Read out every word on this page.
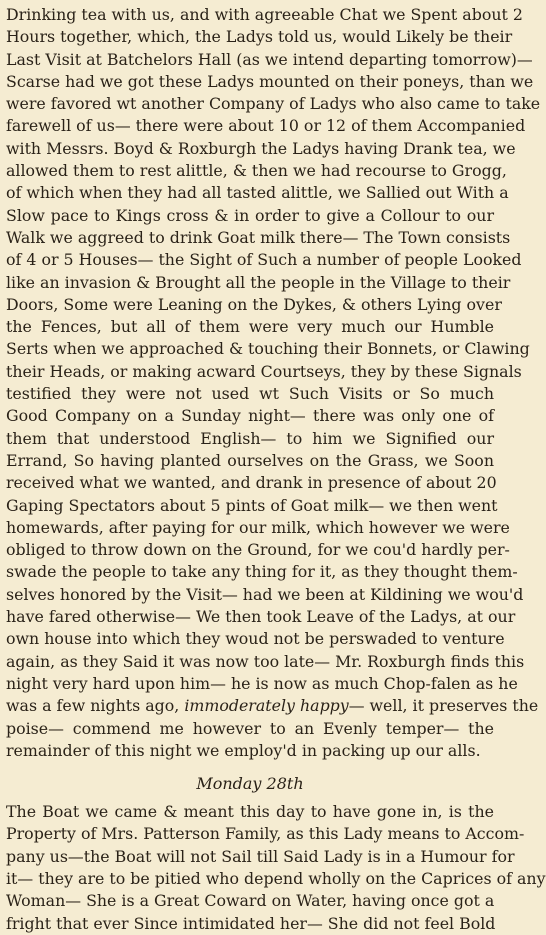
Drinking tea with us, and with agreeable Chat we Spent about 2
Hours together, which, the Ladys told us, would Likely be their
Last Visit at Batchelors Hall (as we intend departing tomorrow)—
Scarse had we got these Ladys mounted on their poneys, than we
were favored wt another Company of Ladys who also came to take
farewell of us— there were about 10 or 12 of them Accompanied
with Messrs. Boyd & Roxburgh the Ladys having Drank tea, we
allowed them to rest alittle, & then we had recourse to Grogg,
of which when they had all tasted alittle, we Sallied out With a
Slow pace to Kings cross & in order to give a Collour to our
Walk we aggreed to drink Goat milk there— The Town consists
of 4 or 5 Houses— the Sight of Such a number of people Looked
like an invasion & Brought all the people in the Village to their
Doors, Some were Leaning on the Dykes, & others Lying over
the Fences, but all of them were very much our Humble
Serts when we approached & touching their Bonnets, or Clawing
their Heads, or making acward Courtseys, they by these Signals
testified they were not used wt Such Visits or So much
Good Company on a Sunday night— there was only one of
them that understood English— to him we Signified our
Errand, So having planted ourselves on the Grass, we Soon
received what we wanted, and drank in presence of about 20
Gaping Spectators about 5 pints of Goat milk— we then went
homewards, after paying for our milk, which however we were
obliged to throw down on the Ground, for we cou'd hardly per-
swade the people to take any thing for it, as they thought them-
selves honored by the Visit— had we been at Kildining we wou'd
have fared otherwise— We then took Leave of the Ladys, at our
own house into which they woud not be perswaded to venture
again, as they Said it was now too late— Mr. Roxburgh finds this
night very hard upon him— he is now as much Chop-falen as he
was a few nights ago, immoderately happy— well, it preserves the
poise— commend me however to an Evenly temper— the
remainder of this night we employ'd in packing up our alls.
Monday 28th
The Boat we came & meant this day to have gone in, is the
Property of Mrs. Patterson Family, as this Lady means to Accom-
pany us—the Boat will not Sail till Said Lady is in a Humour for
it— they are to be pitied who depend wholly on the Caprices of any
Woman— She is a Great Coward on Water, having once got a
fright that ever Since intimidated her— She did not feel Bold
